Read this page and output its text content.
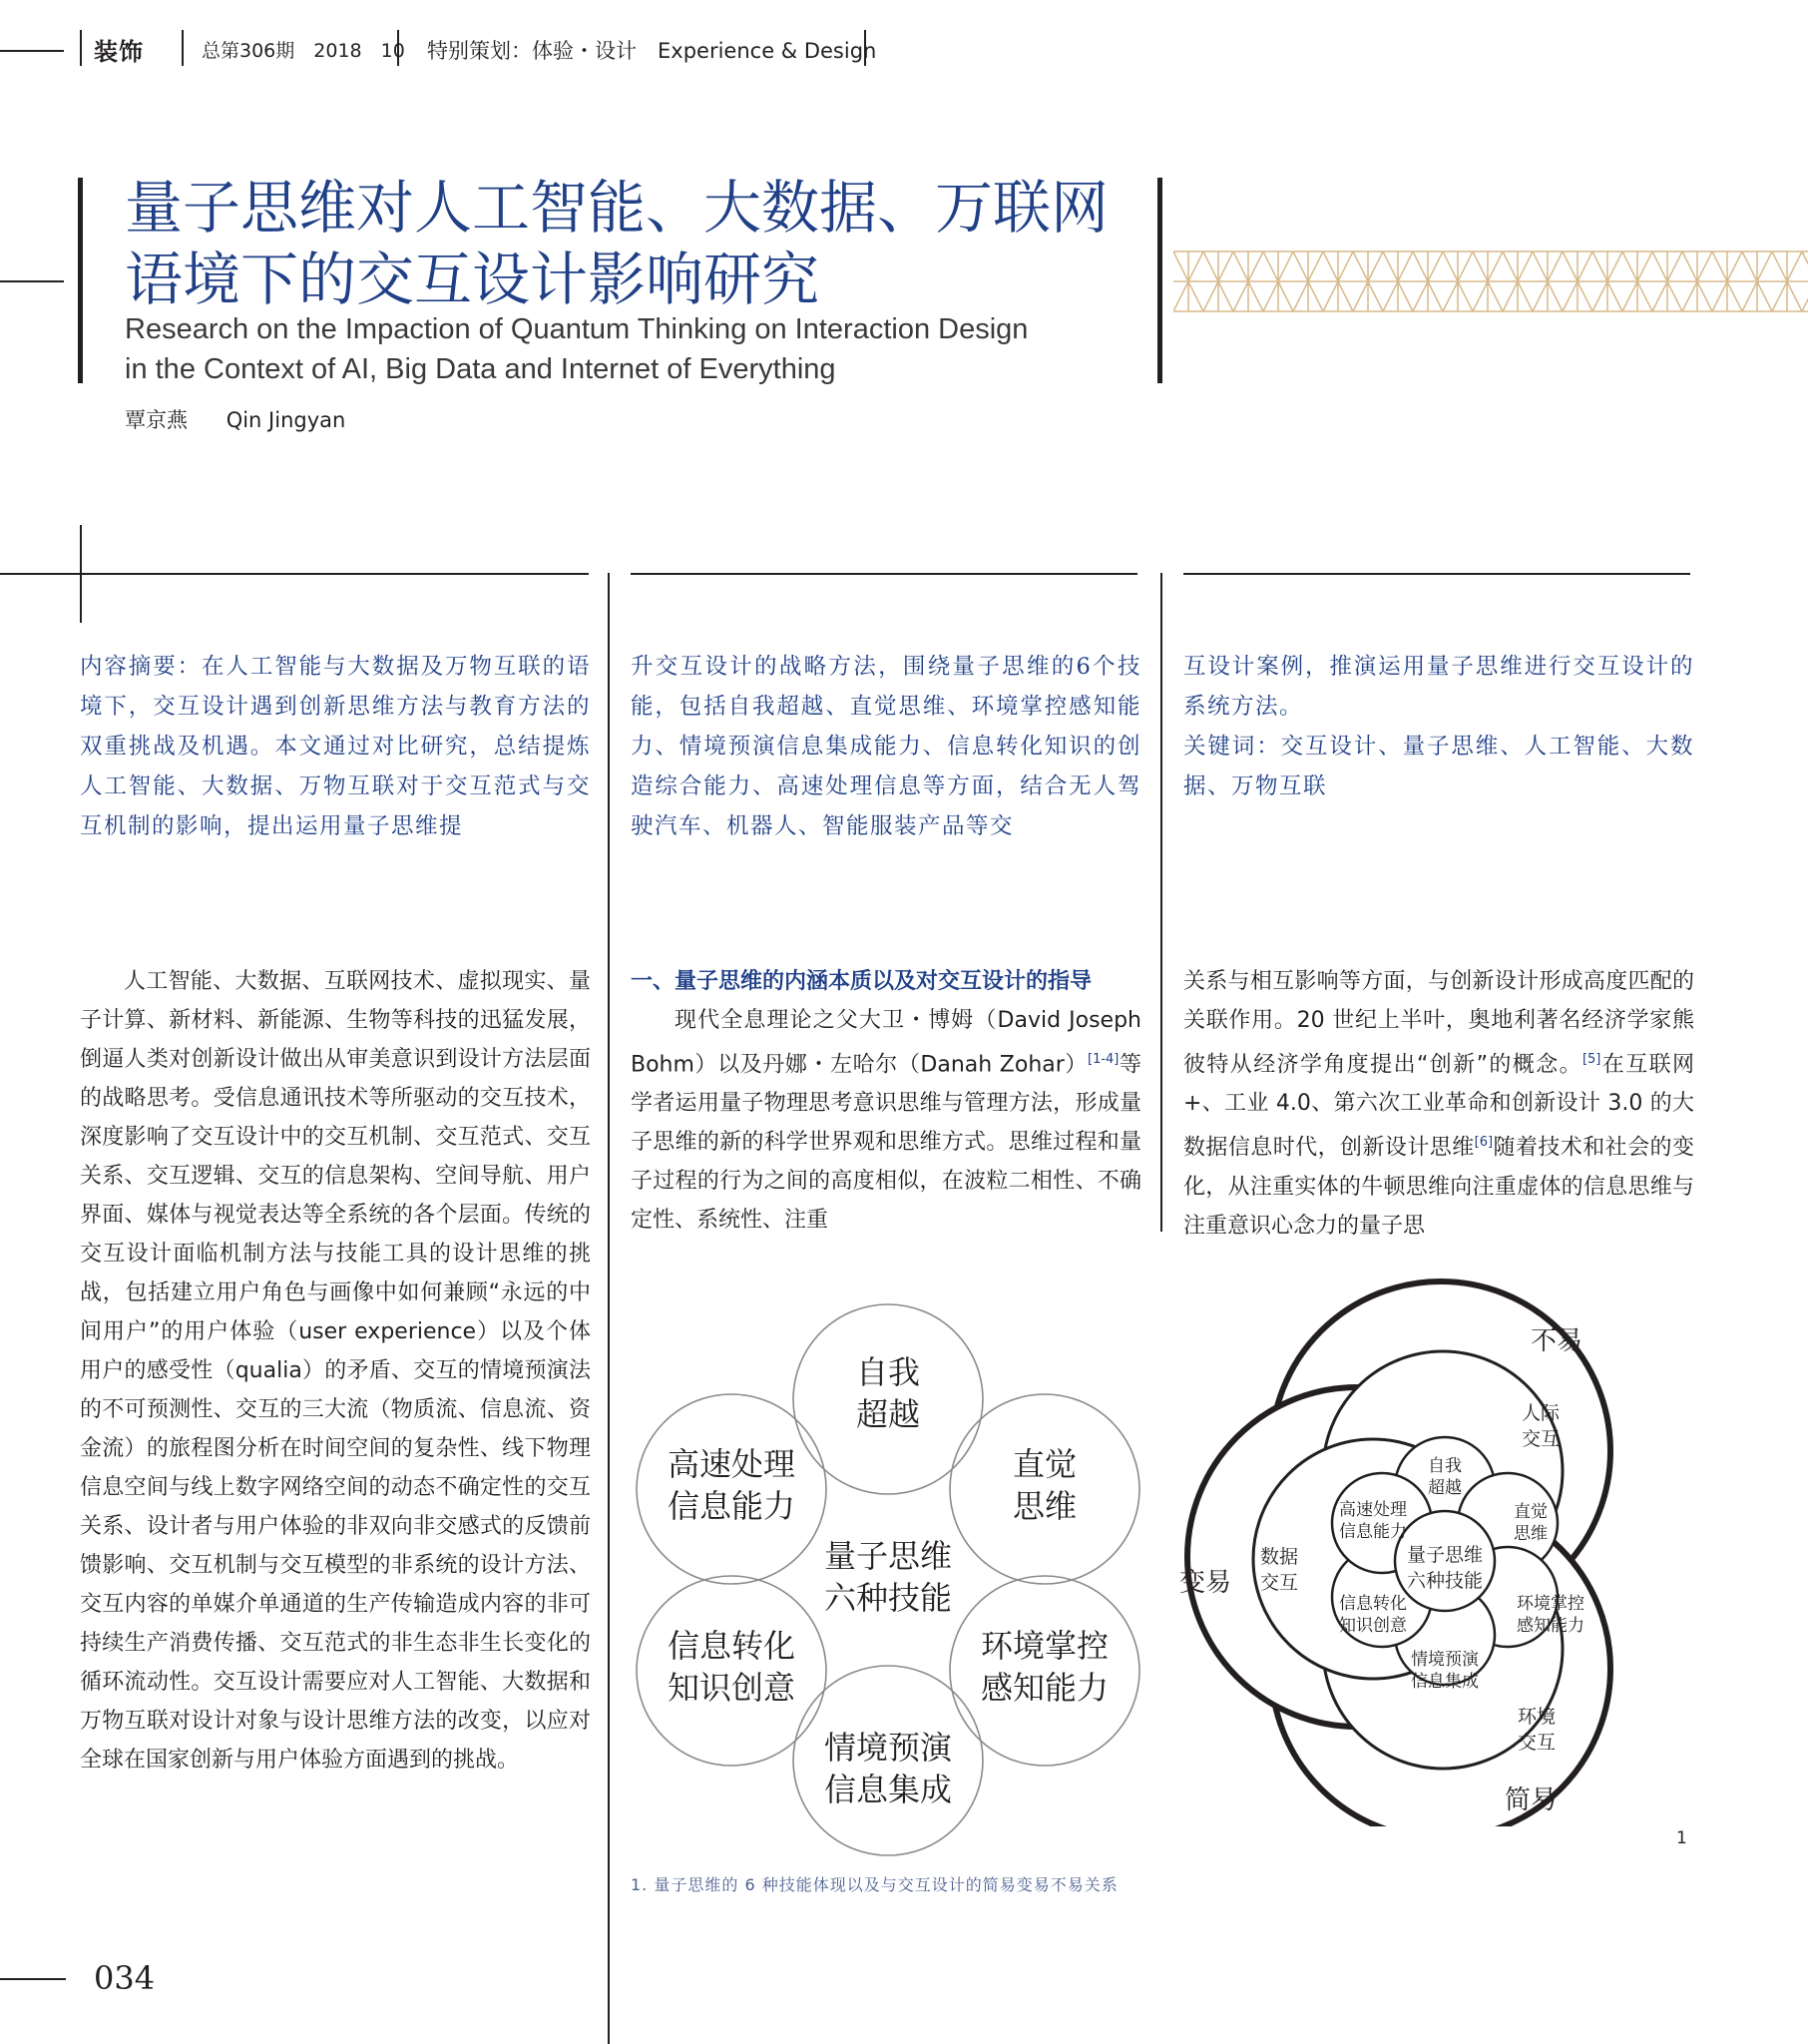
装饰	总第306期　2018　10 特别策划：体验・设计　Experience & Design
量子思维对人工智能、大数据、万联网
语境下的交互设计影响研究
Research on the Impaction of Quantum Thinking on Interaction Design
in the Context of AI, Big Data and Internet of Everything
覃京燕 Qin Jingyan
内容摘要：在人工智能与大数据及万物互联的语境下，交互设计遇到创新思维方法与教育方法的双重挑战及机遇。本文通过对比研究，总结提炼人工智能、大数据、万物互联对于交互范式与交互机制的影响，提出运用量子思维提
升交互设计的战略方法，围绕量子思维的6个技能，包括自我超越、直觉思维、环境掌控感知能力、情境预演信息集成能力、信息转化知识的创造综合能力、高速处理信息等方面，结合无人驾驶汽车、机器人、智能服装产品等交
互设计案例，推演运用量子思维进行交互设计的系统方法。
关键词：交互设计、量子思维、人工智能、大数据、万物互联
人工智能、大数据、互联网技术、虚拟现实、量子计算、新材料、新能源、生物等科技的迅猛发展，倒逼人类对创新设计做出从审美意识到设计方法层面的战略思考。受信息通讯技术等所驱动的交互技术，深度影响了交互设计中的交互机制、交互范式、交互关系、交互逻辑、交互的信息架构、空间导航、用户界面、媒体与视觉表达等全系统的各个层面。传统的交互设计面临机制方法与技能工具的设计思维的挑战，包括建立用户角色与画像中如何兼顾“永远的中间用户”的用户体验（user experience）以及个体用户的感受性（qualia）的矛盾、交互的情境预演法的不可预测性、交互的三大流（物质流、信息流、资金流）的旅程图分析在时间空间的复杂性、线下物理信息空间与线上数字网络空间的动态不确定性的交互关系、设计者与用户体验的非双向非交感式的反馈前馈影响、交互机制与交互模型的非系统的设计方法、交互内容的单媒介单通道的生产传输造成内容的非可持续生产消费传播、交互范式的非生态非生长变化的循环流动性。交互设计需要应对人工智能、大数据和万物互联对设计对象与设计思维方法的改变，以应对全球在国家创新与用户体验方面遇到的挑战。
一、量子思维的内涵本质以及对交互设计的指导
现代全息理论之父大卫・博姆（David Joseph Bohm）以及丹娜・左哈尔（Danah Zohar）[1-4]等学者运用量子物理思考意识思维与管理方法，形成量子思维的新的科学世界观和思维方式。思维过程和量子过程的行为之间的高度相似，在波粒二相性、不确定性、系统性、注重
关系与相互影响等方面，与创新设计形成高度匹配的关联作用。20 世纪上半叶，奥地利著名经济学家熊彼特从经济学角度提出“创新”的概念。[5]在互联网 +、工业 4.0、第六次工业革命和创新设计 3.0 的大数据信息时代，创新设计思维[6]随着技术和社会的变化，从注重实体的牛顿思维向注重虚体的信息思维与注重意识心念力的量子思
自我
超越
直觉
思维
环境掌控
感知能力
情境预演
信息集成
信息转化
知识创意
高速处理
信息能力
量子思维
六种技能
不易
变易
简易
人际
交互
数据
交互
环境
交互
自我
超越
直觉
思维
环境掌控
感知能力
情境预演
信息集成
信息转化
知识创意
高速处理
信息能力
量子思维
六种技能
1
1. 量子思维的 6 种技能体现以及与交互设计的简易变易不易关系
034
